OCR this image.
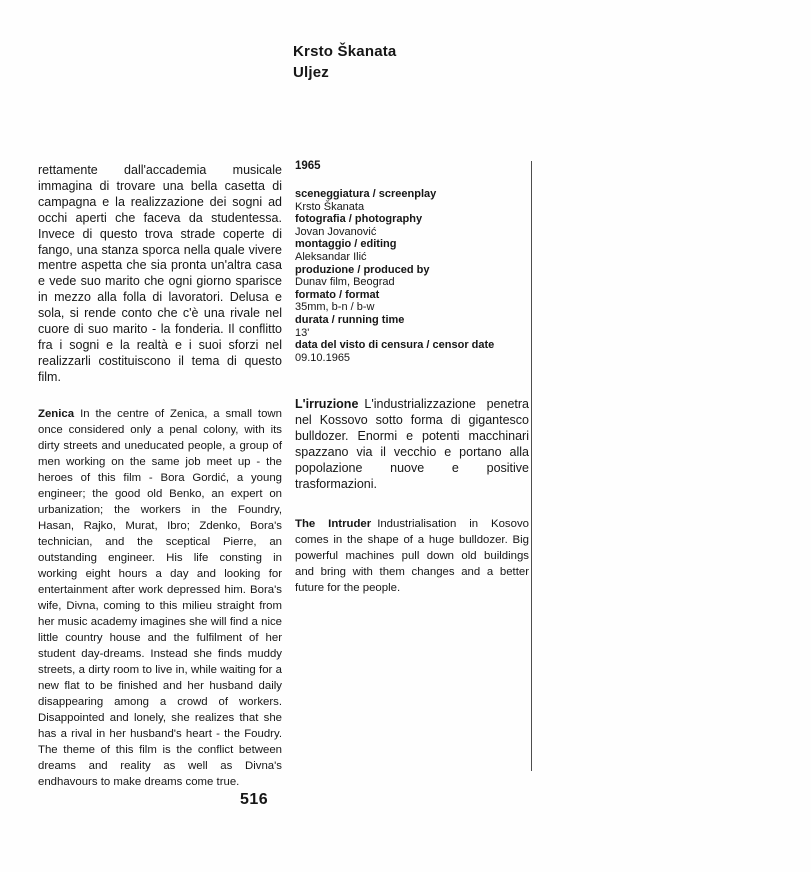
Krsto Škanata
Uljez

rettamente dall'accademia musicale immagina di trovare una bella casetta di campagna e la realizzazione dei sogni ad occhi aperti che faceva da studentessa. Invece di questo trova strade coperte di fango, una stanza sporca nella quale vivere mentre aspetta che sia pronta un'altra casa e vede suo marito che ogni giorno sparisce in mezzo alla folla di lavoratori. Delusa e sola, si rende conto che c'è una rivale nel cuore di suo marito - la fonderia. Il conflitto fra i sogni e la realtà e i suoi sforzi nel realizzarli costituiscono il tema di questo film.

Zenica In the centre of Zenica, a small town once considered only a penal colony, with its dirty streets and uneducated people, a group of men working on the same job meet up - the heroes of this film - Bora Gordić, a young engineer; the good old Benko, an expert on urbanization; the workers in the Foundry, Hasan, Rajko, Murat, Ibro; Zdenko, Bora's technician, and the sceptical Pierre, an outstanding engineer. His life consting in working eight hours a day and looking for entertainment after work depressed him. Bora's wife, Divna, coming to this milieu straight from her music academy imagines she will find a nice little country house and the fulfilment of her student day-dreams. Instead she finds muddy streets, a dirty room to live in, while waiting for a new flat to be finished and her husband daily disappearing among a crowd of workers. Disappointed and lonely, she realizes that she has a rival in her husband's heart - the Foudry. The theme of this film is the conflict between dreams and reality as well as Divna's endhavours to make dreams come true.

1965
sceneggiatura / screenplay
Krsto Škanata
fotografia / photography
Jovan Jovanović
montaggio / editing
Aleksandar Ilić
produzione / produced by
Dunav film, Beograd
formato / format
35mm, b-n / b-w
durata / running time
13'
data del visto di censura / censor date
09.10.1965

L'irruzione L'industrializzazione penetra nel Kossovo sotto forma di gigantesco bulldozer. Enormi e potenti macchinari spazzano via il vecchio e portano alla popolazione nuove e positive trasformazioni.

The Intruder Industrialisation in Kosovo comes in the shape of a huge bulldozer. Big powerful machines pull down old buildings and bring with them changes and a better future for the people.

516
